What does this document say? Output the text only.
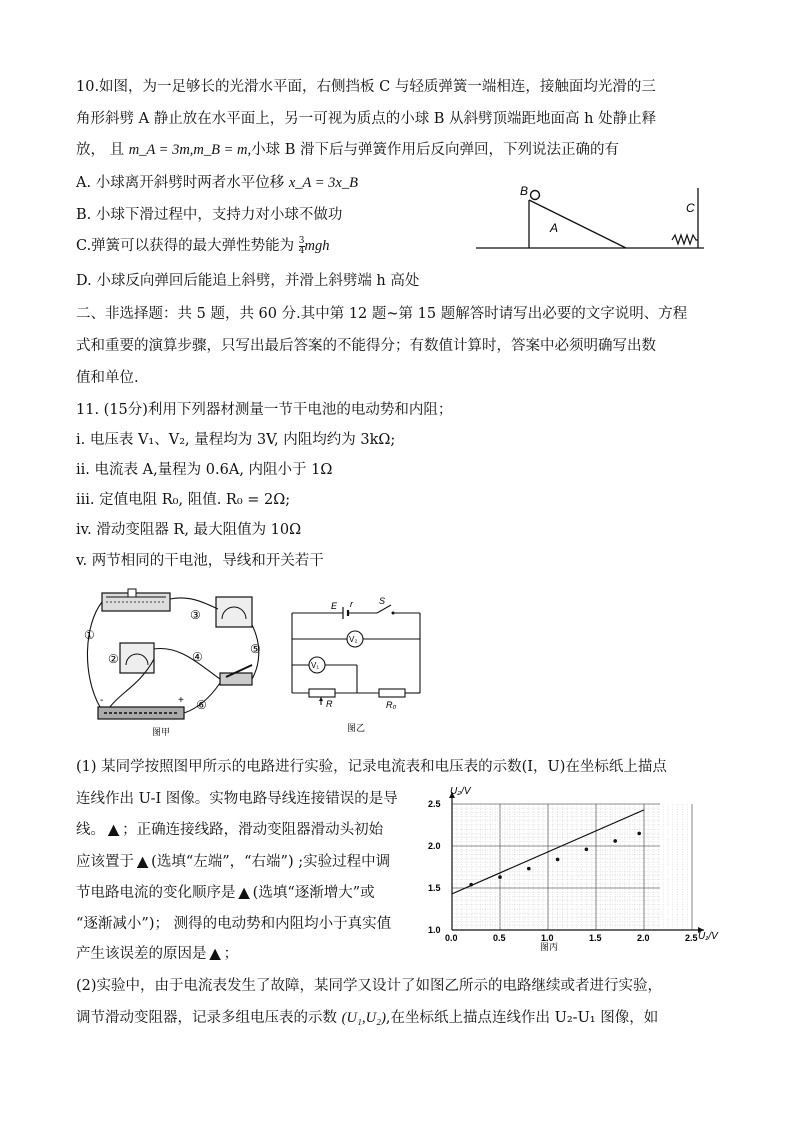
10.如图，为一足够长的光滑水平面，右侧挡板 C 与轻质弹簧一端相连，接触面均光滑的三
角形斜劈 A 静止放在水平面上，另一可视为质点的小球 B 从斜劈顶端距地面高 h 处静止释
放， 且 m_A = 3m,m_B = m,小球 B 滑下后与弹簧作用后反向弹回，下列说法正确的有
A. 小球离开斜劈时两者水平位移 x_A = 3x_B
B. 小球下滑过程中，支持力对小球不做功
C.弹簧可以获得的最大弹性势能为 $\frac{3}{4}$ mgh
D. 小球反向弹回后能追上斜劈，并滑上斜劈端 h 高处
B
A
C
二、非选择题：共 5 题，共 60 分.其中第 12 题~第 15 题解答时请写出必要的文字说明、方程
式和重要的演算步骤，只写出最后答案的不能得分；有数值计算时，答案中必须明确写出数
值和单位.
11. (15分)利用下列器材测量一节干电池的电动势和内阻；
i. 电压表 V₁、V₂, 量程均为 3V, 内阻均约为 3kΩ;
ii. 电流表 A,量程为 0.6A, 内阻小于 1Ω
iii. 定值电阻 R₀, 阻值. R₀ = 2Ω;
iv. 滑动变阻器 R, 最大阻值为 10Ω
v. 两节相同的干电池，导线和开关若干
-	+
①
②
③
④
⑤
⑥
图甲
E r	S
V₂
V₁
R	R₀
图乙
(1) 某同学按照图甲所示的电路进行实验，记录电流表和电压表的示数(I，U)在坐标纸上描点
连线作出 U-I 图像。实物电路导线连接错误的是导
线。 ▲ ；正确连接线路，滑动变阻器滑动头初始
应该置于 ▲ (选填“左端”，“右端”) ;实验过程中调
节电路电流的变化顺序是 ▲ (选填“逐渐增大”或
“逐渐减小”)； 测得的电动势和内阻均小于真实值
产生该误差的原因是 ▲ ；
(2)实验中，由于电流表发生了故障，某同学又设计了如图乙所示的电路继续或者进行实验，
调节滑动变阻器，记录多组电压表的示数 (U₁,U₂),在坐标纸上描点连线作出 U₂-U₁ 图像，如
0.0	0.5	1.0	1.5	2.0	2.5
1.0
1.5
2.0
2.5
U₂/V
U₁/V
图丙
